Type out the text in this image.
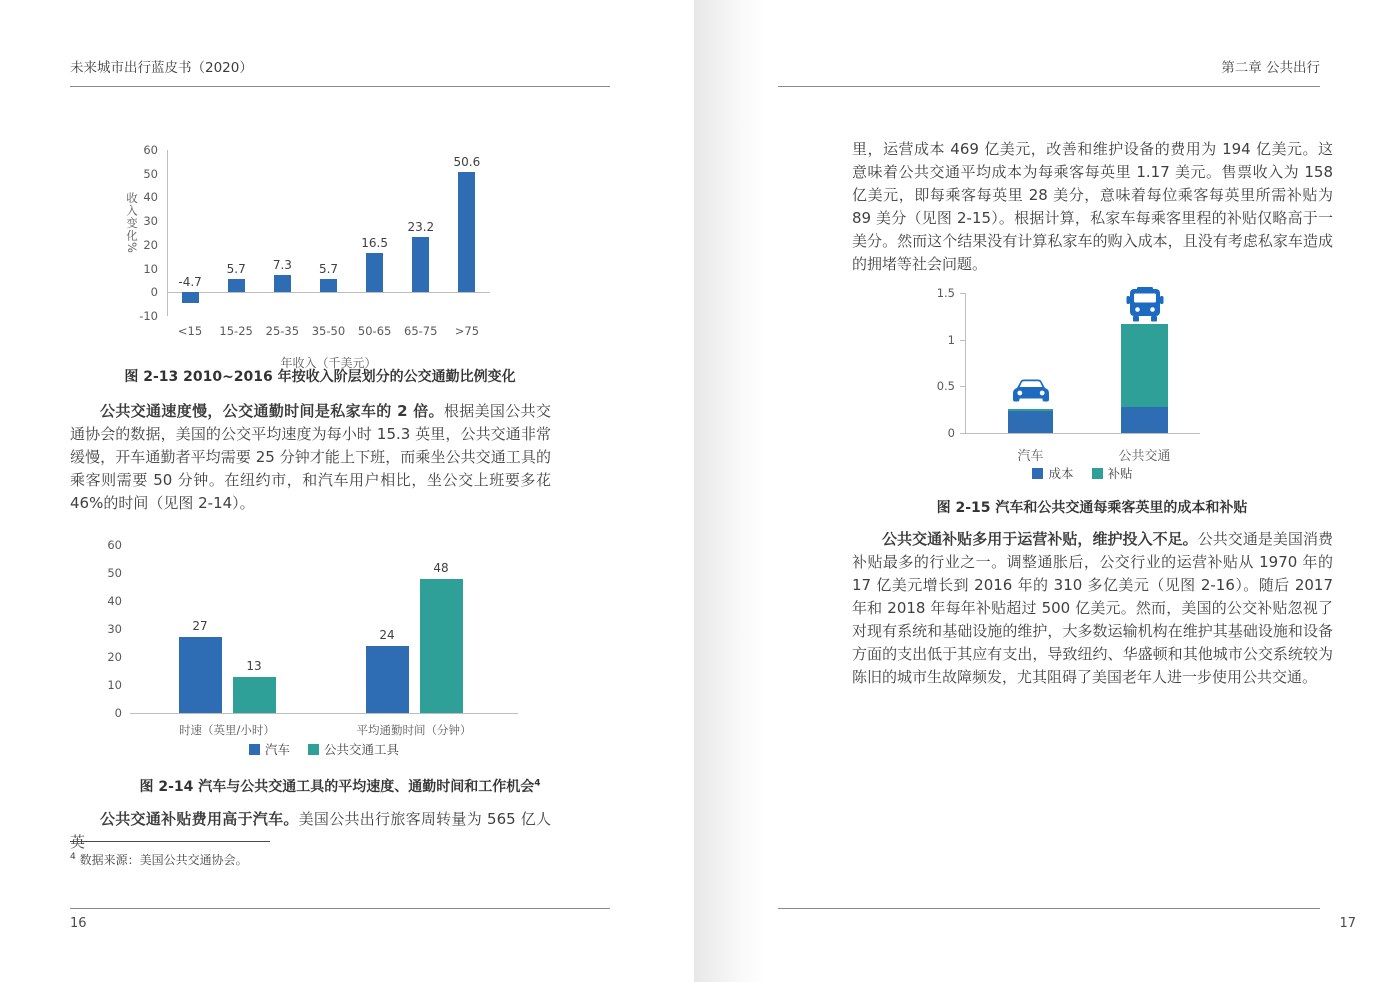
未来城市出行蓝皮书（2020）
60
50
40
30
20
10
0
-10
收入变化%
-4.7
<15
5.7
15-25
7.3
25-35
5.7
35-50
16.5
50-65
23.2
65-75
50.6
>75
年收入（千美元）
图 2-13 2010~2016 年按收入阶层划分的公交通勤比例变化

公共交通速度慢，公交通勤时间是私家车的 2 倍。根据美国公共交通协会的数据，美国的公交平均速度为每小时 15.3 英里，公共交通非常缓慢，开车通勤者平均需要 25 分钟才能上下班，而乘坐公共交通工具的乘客则需要 50 分钟。在纽约市，和汽车用户相比，坐公交上班要多花 46%的时间（见图 2-14）。

60
50
40
30
20
10
0
27
24
13
48
时速（英里/小时）	平均通勤时间（分钟）
汽车	公共交通工具
图 2-14 汽车与公共交通工具的平均速度、通勤时间和工作机会$^4$

公共交通补贴费用高于汽车。美国公共出行旅客周转量为 565 亿人英

$^4$ 数据来源：美国公共交通协会。
16
第二章 公共出行

里，运营成本 469 亿美元，改善和维护设备的费用为 194 亿美元。这意味着公共交通平均成本为每乘客每英里 1.17 美元。售票收入为 158 亿美元，即每乘客每英里 28 美分，意味着每位乘客每英里所需补贴为 89 美分（见图 2-15）。根据计算，私家车每乘客里程的补贴仅略高于一美分。然而这个结果没有计算私家车的购入成本，且没有考虑私家车造成的拥堵等社会问题。

1.5
1
0.5
0
汽车	公共交通
成本	补贴
图 2-15 汽车和公共交通每乘客英里的成本和补贴

公共交通补贴多用于运营补贴，维护投入不足。公共交通是美国消费补贴最多的行业之一。调整通胀后，公交行业的运营补贴从 1970 年的 17 亿美元增长到 2016 年的 310 多亿美元（见图 2-16）。随后 2017 年和 2018 年每年补贴超过 500 亿美元。然而，美国的公交补贴忽视了对现有系统和基础设施的维护，大多数运输机构在维护其基础设施和设备方面的支出低于其应有支出，导致纽约、华盛顿和其他城市公交系统较为陈旧的城市生故障频发，尤其阻碍了美国老年人进一步使用公共交通。

17
